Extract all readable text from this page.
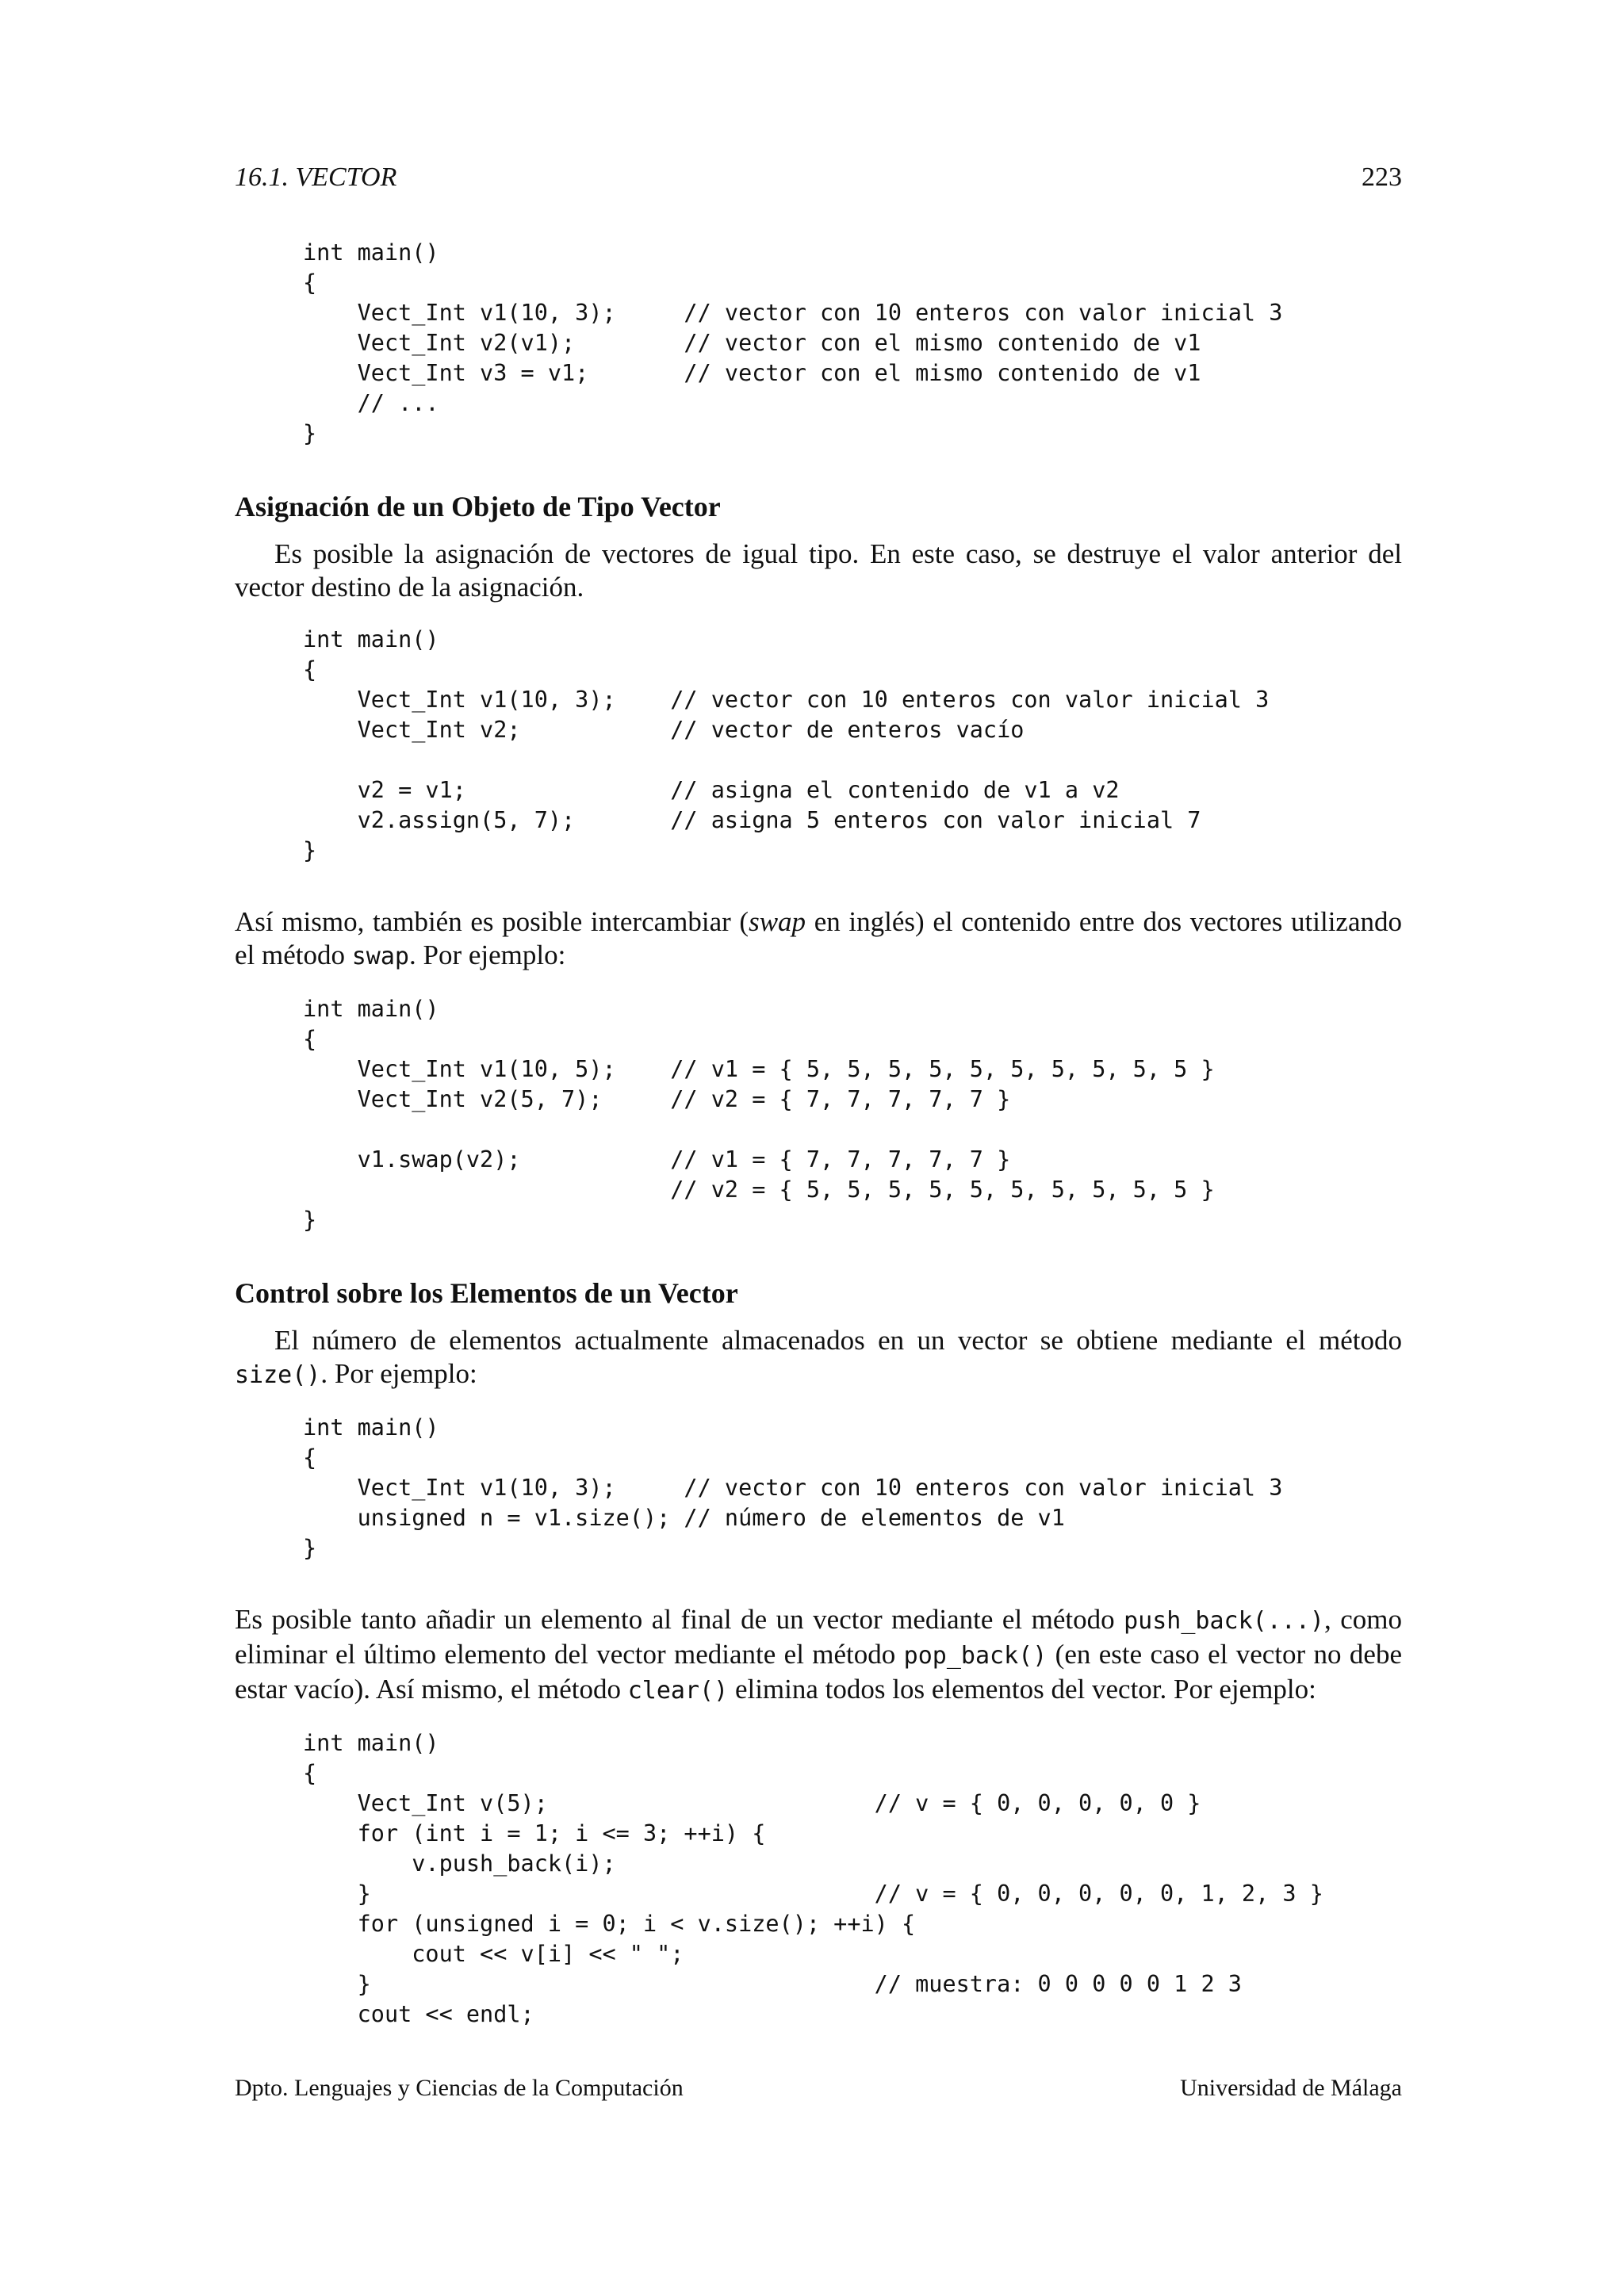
16.1. VECTOR	223
int main()
{
Vect_Int v1(10, 3);     // vector con 10 enteros con valor inicial 3
Vect_Int v2(v1);        // vector con el mismo contenido de v1
Vect_Int v3 = v1;       // vector con el mismo contenido de v1
// ...
}
Asignación de un Objeto de Tipo Vector

Es posible la asignación de vectores de igual tipo. En este caso, se destruye el valor anterior del vector destino de la asignación.

int main()
{
Vect_Int v1(10, 3);    // vector con 10 enteros con valor inicial 3
Vect_Int v2;           // vector de enteros vacío

v2 = v1;               // asigna el contenido de v1 a v2
v2.assign(5, 7);       // asigna 5 enteros con valor inicial 7
}

Así mismo, también es posible intercambiar (swap en inglés) el contenido entre dos vectores utilizando el método swap. Por ejemplo:

int main()
{
Vect_Int v1(10, 5);    // v1 = { 5, 5, 5, 5, 5, 5, 5, 5, 5, 5 }
Vect_Int v2(5, 7);     // v2 = { 7, 7, 7, 7, 7 }

v1.swap(v2);           // v1 = { 7, 7, 7, 7, 7 }
// v2 = { 5, 5, 5, 5, 5, 5, 5, 5, 5, 5 }
}
Control sobre los Elementos de un Vector

El número de elementos actualmente almacenados en un vector se obtiene mediante el método size(). Por ejemplo:

int main()
{
Vect_Int v1(10, 3);     // vector con 10 enteros con valor inicial 3
unsigned n = v1.size(); // número de elementos de v1
}

Es posible tanto añadir un elemento al final de un vector mediante el método push_back(...), como eliminar el último elemento del vector mediante el método pop_back() (en este caso el vector no debe estar vacío). Así mismo, el método clear() elimina todos los elementos del vector. Por ejemplo:

int main()
{
Vect_Int v(5);                        // v = { 0, 0, 0, 0, 0 }
for (int i = 1; i <= 3; ++i) {
v.push_back(i);
}                                     // v = { 0, 0, 0, 0, 0, 1, 2, 3 }
for (unsigned i = 0; i < v.size(); ++i) {
cout << v[i] << " ";
}                                     // muestra: 0 0 0 0 0 1 2 3
cout << endl;
Dpto. Lenguajes y Ciencias de la Computación	Universidad de Málaga
